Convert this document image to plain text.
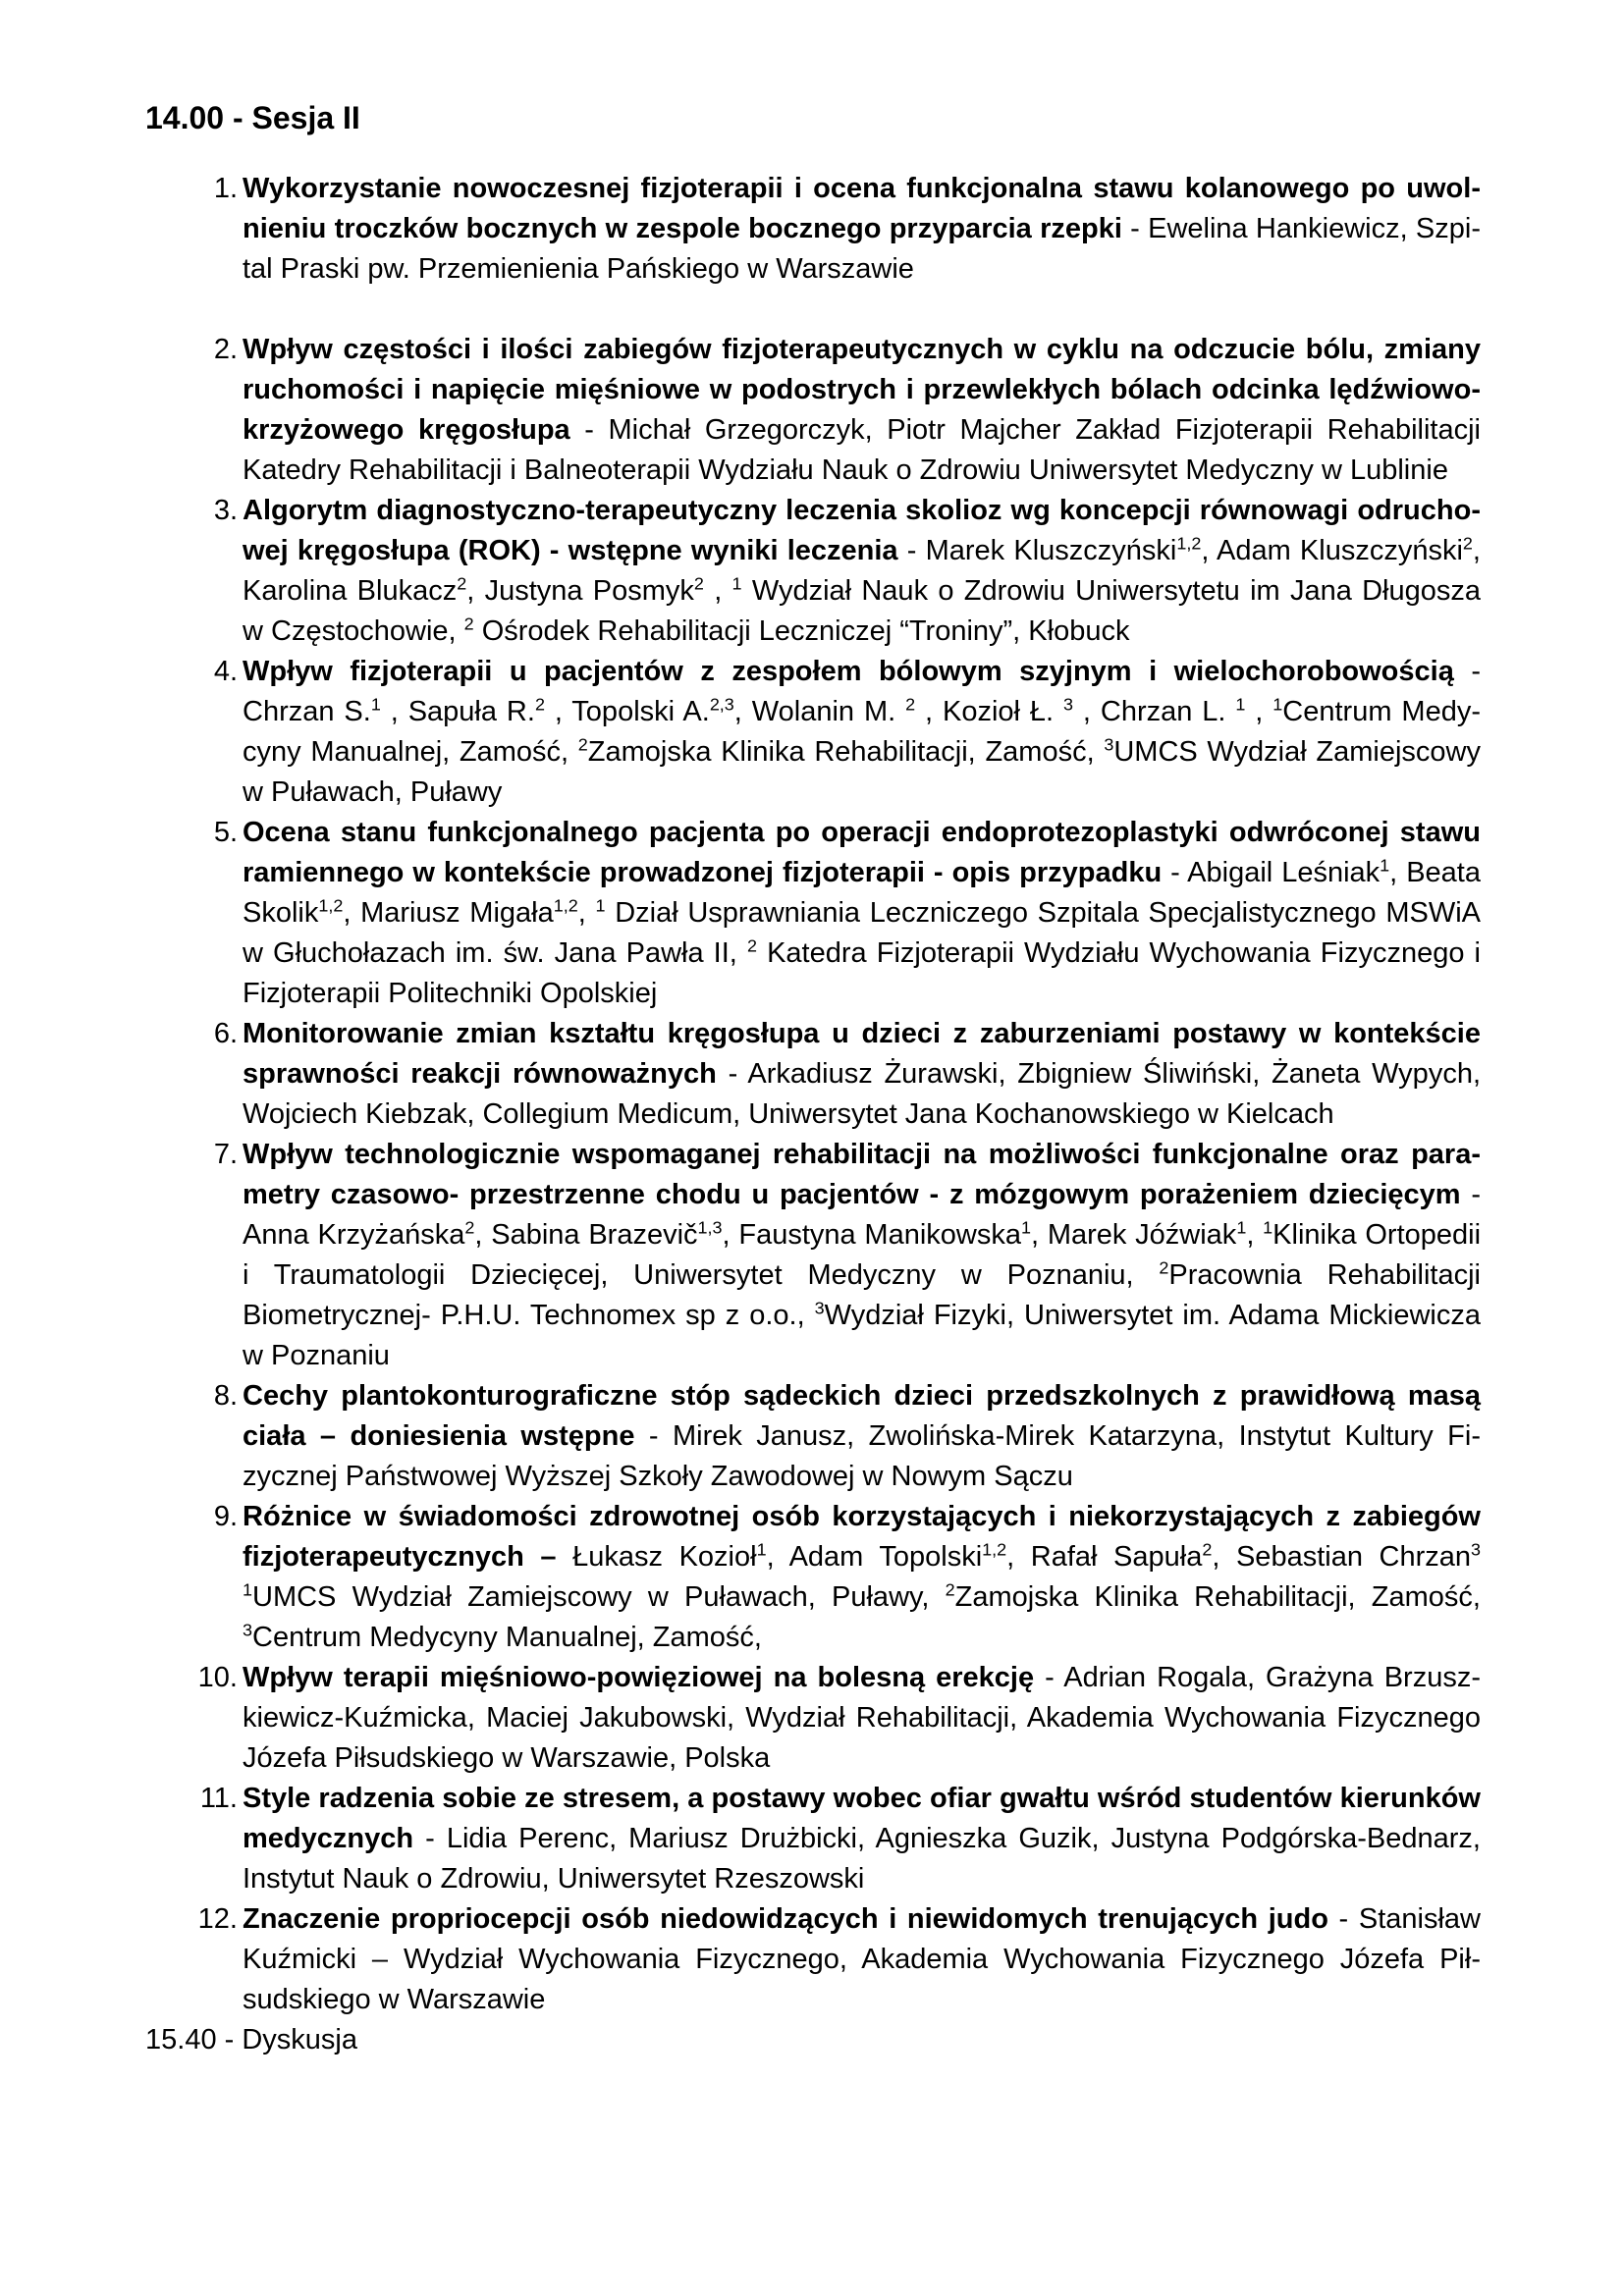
14.00 - Sesja II
1. Wykorzystanie nowoczesnej fizjoterapii i ocena funkcjonalna stawu kolanowego po uwolnieniu troczków bocznych w zespole bocznego przyparcia rzepki - Ewelina Hankiewicz, Szpital Praski pw. Przemienienia Pańskiego w Warszawie
2. Wpływ częstości i ilości zabiegów fizjoterapeutycznych w cyklu na odczucie bólu, zmiany ruchomości i napięcie mięśniowe w podostrych i przewlekłych bólach odcinka lędźwiowo-krzyżowego kręgosłupa - Michał Grzegorczyk, Piotr Majcher Zakład Fizjoterapii Rehabilitacji Katedry Rehabilitacji i Balneoterapii Wydziału Nauk o Zdrowiu Uniwersytet Medyczny w Lublinie
3. Algorytm diagnostyczno-terapeutyczny leczenia skolioz wg koncepcji równowagi odruchowej kręgosłupa (ROK) - wstępne wyniki leczenia - Marek Kluszczyński$^{1,2}$, Adam Kluszczyński$^2$, Karolina Blukacz$^2$, Justyna Posmyk$^2$ , $^1$ Wydział Nauk o Zdrowiu Uniwersytetu im Jana Długosza w Częstochowie, $^2$ Ośrodek Rehabilitacji Leczniczej “Troniny”, Kłobuck
4. Wpływ fizjoterapii u pacjentów z zespołem bólowym szyjnym i wielochorobowością - Chrzan S.$^1$ , Sapuła R.$^2$ , Topolski A.$^{2,3}$, Wolanin M. $^2$ , Kozioł Ł. $^3$ , Chrzan L. $^1$ , $^1$Centrum Medycyny Manualnej, Zamość, $^2$Zamojska Klinika Rehabilitacji, Zamość, $^3$UMCS Wydział Zamiejscowy w Puławach, Puławy
5. Ocena stanu funkcjonalnego pacjenta po operacji endoprotezoplastyki odwróconej stawu ramiennego w kontekście prowadzonej fizjoterapii - opis przypadku - Abigail Leśniak$^1$, Beata Skolik$^{1,2}$, Mariusz Migała$^{1,2}$, $^1$ Dział Usprawniania Leczniczego Szpitala Specjalistycznego MSWiA w Głuchołazach im. św. Jana Pawła II, $^2$ Katedra Fizjoterapii Wydziału Wychowania Fizycznego i Fizjoterapii Politechniki Opolskiej
6. Monitorowanie zmian kształtu kręgosłupa u dzieci z zaburzeniami postawy w kontekście sprawności reakcji równoważnych - Arkadiusz Żurawski, Zbigniew Śliwiński, Żaneta Wypych, Wojciech Kiebzak, Collegium Medicum, Uniwersytet Jana Kochanowskiego w Kielcach
7. Wpływ technologicznie wspomaganej rehabilitacji na możliwości funkcjonalne oraz parametry czasowo- przestrzenne chodu u pacjentów - z mózgowym porażeniem dziecięcym - Anna Krzyżańska$^2$, Sabina Brazevič$^{1,3}$, Faustyna Manikowska$^1$, Marek Jóźwiak$^1$, $^1$Klinika Ortopedii i Traumatologii Dziecięcej, Uniwersytet Medyczny w Poznaniu, $^2$Pracownia Rehabilitacji Biometrycznej- P.H.U. Technomex sp z o.o., $^3$Wydział Fizyki, Uniwersytet im. Adama Mickiewicza w Poznaniu
8. Cechy plantokonturograficzne stóp sądeckich dzieci przedszkolnych z prawidłową masą ciała – doniesienia wstępne - Mirek Janusz, Zwolińska-Mirek Katarzyna, Instytut Kultury Fizycznej Państwowej Wyższej Szkoły Zawodowej w Nowym Sączu
9. Różnice w świadomości zdrowotnej osób korzystających i niekorzystających z zabiegów fizjoterapeutycznych – Łukasz Kozioł$^1$, Adam Topolski$^{1,2}$, Rafał Sapuła$^2$, Sebastian Chrzan$^3$ $^1$UMCS Wydział Zamiejscowy w Puławach, Puławy, $^2$Zamojska Klinika Rehabilitacji, Zamość, $^3$Centrum Medycyny Manualnej, Zamość,
10. Wpływ terapii mięśniowo-powięziowej na bolesną erekcję - Adrian Rogala, Grażyna Brzuszkiewicz-Kuźmicka, Maciej Jakubowski, Wydział Rehabilitacji, Akademia Wychowania Fizycznego Józefa Piłsudskiego w Warszawie, Polska
11. Style radzenia sobie ze stresem, a postawy wobec ofiar gwałtu wśród studentów kierunków medycznych - Lidia Perenc, Mariusz Drużbicki, Agnieszka Guzik, Justyna Podgórska-Bednarz, Instytut Nauk o Zdrowiu, Uniwersytet Rzeszowski
12. Znaczenie propriocepcji osób niedowidzących i niewidomych trenujących judo - Stanisław Kuźmicki – Wydział Wychowania Fizycznego, Akademia Wychowania Fizycznego Józefa Piłsudskiego w Warszawie
15.40 - Dyskusja
